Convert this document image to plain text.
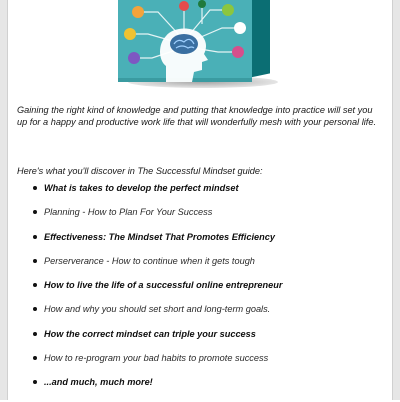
Gaining the right kind of knowledge and putting that knowledge into practice will set you up for a happy and productive work life that will wonderfully mesh with your personal life.
Here's what you'll discover in The Successful Mindset guide:
What is takes to develop the perfect mindset
Planning - How to Plan For Your Success
Effectiveness: The Mindset That Promotes Efficiency
Perserverance - How to continue when it gets tough
How to live the life of a successful online entrepreneur
How and why you should set short and long-term goals.
How the correct mindset can triple your success
How to re-program your bad habits to promote success
...and much, much more!
